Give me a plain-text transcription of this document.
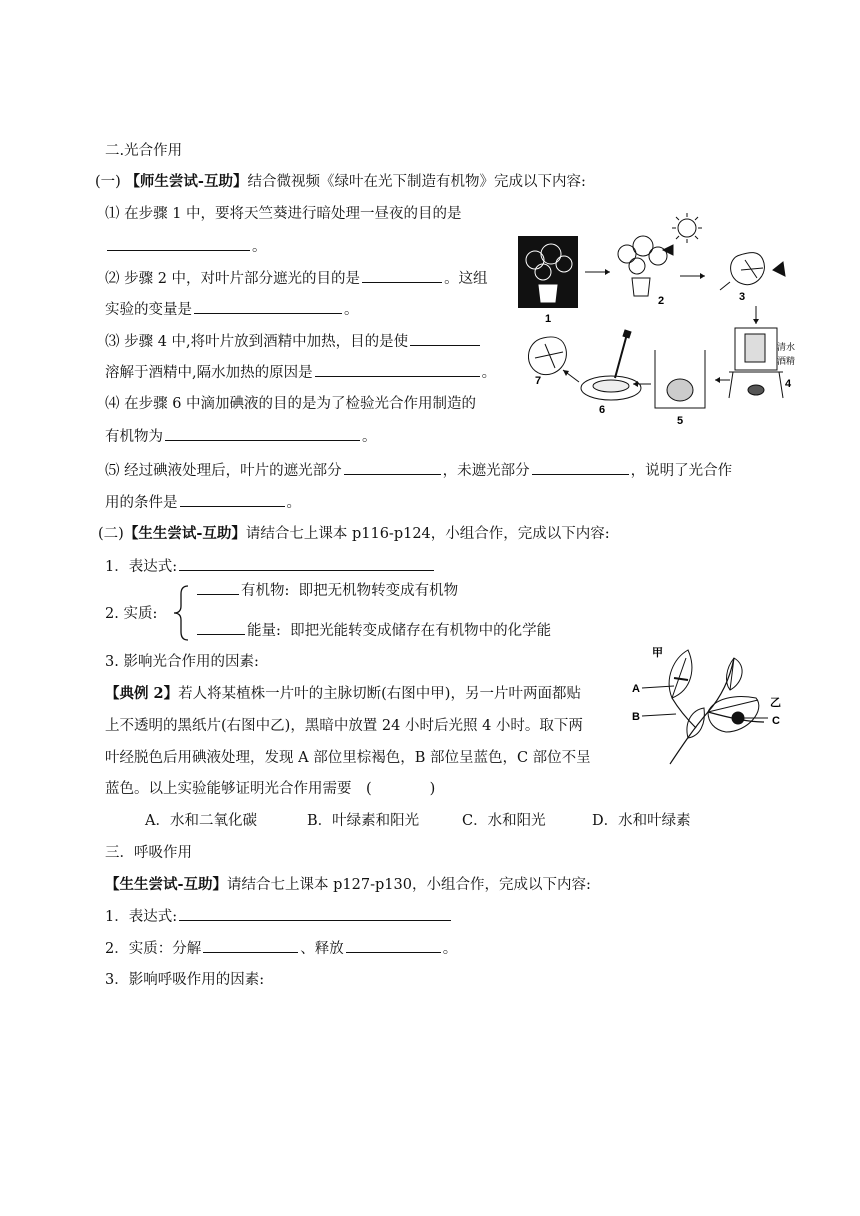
二.光合作用
(一) 【师生尝试-互助】结合微视频《绿叶在光下制造有机物》完成以下内容:
⑴ 在步骤 1 中，要将天竺葵进行暗处理一昼夜的目的是
。
⑵ 步骤 2 中，对叶片部分遮光的目的是	。这组
实验的变量是	。
⑶ 步骤 4 中,将叶片放到酒精中加热，目的是使
溶解于酒精中,隔水加热的原因是	。
⑷ 在步骤 6 中滴加碘液的目的是为了检验光合作用制造的
有机物为	。
⑸ 经过碘液处理后，叶片的遮光部分	，未遮光部分	，说明了光合作
用的条件是	。
(二)【生生尝试-互助】请结合七上课本 p116-p124，小组合作，完成以下内容:
1．表达式:
2. 实质:
有机物: 即把无机物转变成有机物
能量: 即把光能转变成储存在有机物中的化学能
3. 影响光合作用的因素:
【典例 2】若人将某植株一片叶的主脉切断(右图中甲)，另一片叶两面都贴
上不透明的黑纸片(右图中乙)，黑暗中放置 24 小时后光照 4 小时。取下两
叶经脱色后用碘液处理，发现 A 部位里棕褐色，B 部位呈蓝色，C 部位不呈
蓝色。以上实验能够证明光合作用需要　(　　　　)
A．水和二氧化碳	B．叶绿素和阳光	C．水和阳光	D．水和叶绿素
三．呼吸作用
【生生尝试-互助】请结合七上课本 p127-p130，小组合作，完成以下内容:
1．表达式:
2．实质：分解	、释放	。
3．影响呼吸作用的因素:
1
2	3
清水
酒精
4
5
6
7
甲
A
B
乙
C
